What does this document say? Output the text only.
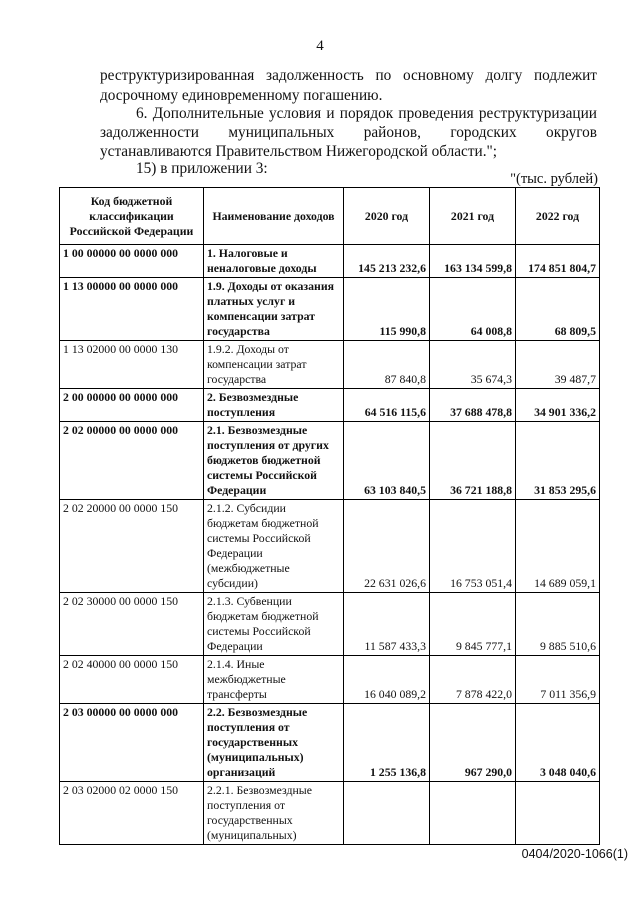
4
реструктуризированная задолженность по основному долгу подлежит
досрочному единовременному погашению.
6. Дополнительные условия и порядок проведения реструктуризации
задолженности муниципальных районов, городских округов
устанавливаются Правительством Нижегородской области.";
15) в приложении 3:
"(тыс. рублей)
Код бюджетной классификации Российской Федерации	Наименование доходов	2020 год	2021 год	2022 год
1 00 00000 00 0000 000	1. Налоговые и неналоговые доходы	145 213 232,6	163 134 599,8	174 851 804,7
1 13 00000 00 0000 000	1.9. Доходы от оказания платных услуг и компенсации затрат государства	115 990,8	64 008,8	68 809,5
1 13 02000 00 0000 130	1.9.2. Доходы от компенсации затрат государства	87 840,8	35 674,3	39 487,7
2 00 00000 00 0000 000	2. Безвозмездные поступления	64 516 115,6	37 688 478,8	34 901 336,2
2 02 00000 00 0000 000	2.1. Безвозмездные поступления от других бюджетов бюджетной системы Российской Федерации	63 103 840,5	36 721 188,8	31 853 295,6
2 02 20000 00 0000 150	2.1.2. Субсидии бюджетам бюджетной системы Российской Федерации (межбюджетные субсидии)	22 631 026,6	16 753 051,4	14 689 059,1
2 02 30000 00 0000 150	2.1.3. Субвенции бюджетам бюджетной системы Российской Федерации	11 587 433,3	9 845 777,1	9 885 510,6
2 02 40000 00 0000 150	2.1.4. Иные межбюджетные трансферты	16 040 089,2	7 878 422,0	7 011 356,9
2 03 00000 00 0000 000	2.2. Безвозмездные поступления от государственных (муниципальных) организаций	1 255 136,8	967 290,0	3 048 040,6
2 03 02000 02 0000 150	2.2.1. Безвозмездные поступления от государственных (муниципальных)			
0404/2020-1066(1)
